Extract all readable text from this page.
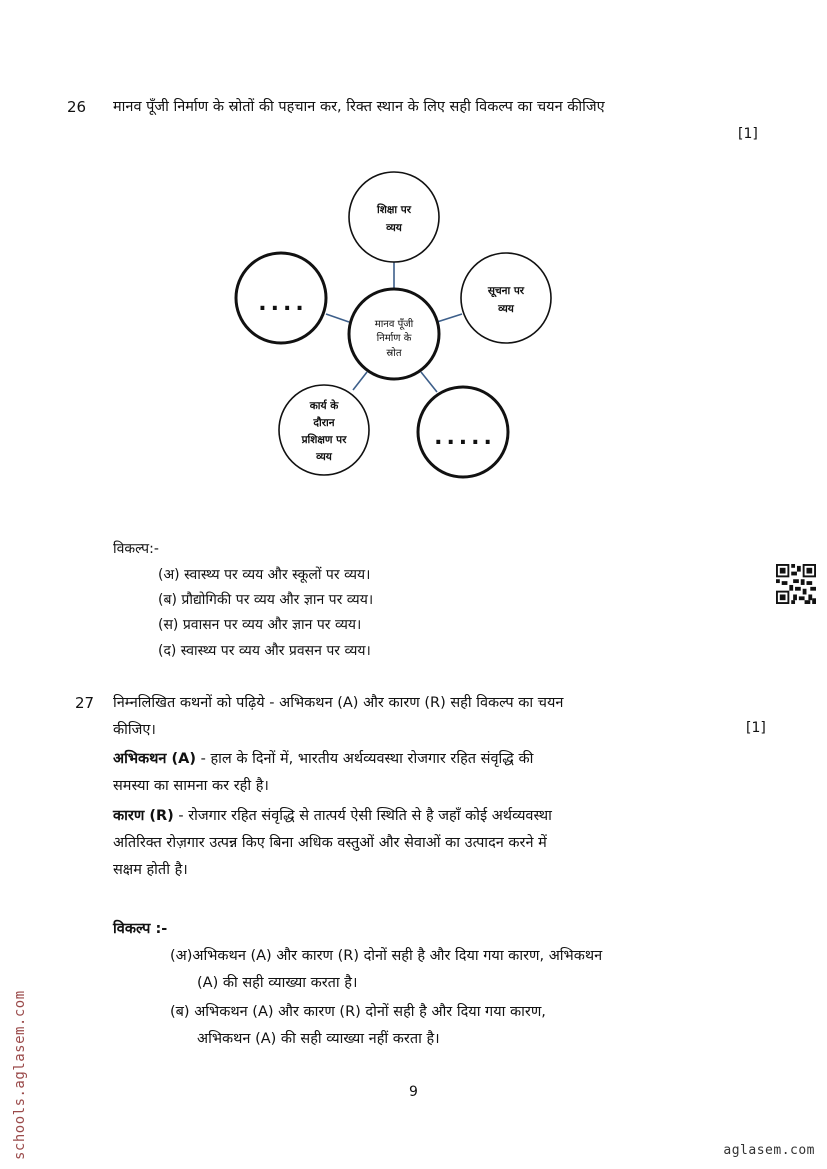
26 मानव पूँजी निर्माण के स्रोतों की पहचान कर, रिक्त स्थान के लिए सही विकल्प का चयन कीजिए
[1]
मानव पूँजी
निर्माण के
स्रोत
शिक्षा पर
व्यय
सूचना पर
व्यय
कार्य के
दौरान
प्रशिक्षण पर
व्यय
....
.....
विकल्प:-
(अ) स्वास्थ्य पर व्यय और स्कूलों पर व्यय।
(ब) प्रौद्योगिकी पर व्यय और ज्ञान पर व्यय।
(स) प्रवासन पर व्यय और ज्ञान पर व्यय।
(द) स्वास्थ्य पर व्यय और प्रवसन पर व्यय।
27 निम्नलिखित कथनों को पढ़िये - अभिकथन (A) और कारण (R) सही विकल्प का चयन
कीजिए।	[1]
अभिकथन (A) - हाल के दिनों में, भारतीय अर्थव्यवस्था रोजगार रहित संवृद्धि की
समस्या का सामना कर रही है।
कारण (R) - रोजगार रहित संवृद्धि से तात्पर्य ऐसी स्थिति से है जहाँ कोई अर्थव्यवस्था
अतिरिक्त रोज़गार उत्पन्न किए बिना अधिक वस्तुओं और सेवाओं का उत्पादन करने में
सक्षम होती है।
विकल्प :-
(अ)अभिकथन (A) और कारण (R) दोनों सही है और दिया गया कारण, अभिकथन
(A) की सही व्याख्या करता है।
(ब) अभिकथन (A) और कारण (R) दोनों सही है और दिया गया कारण,
अभिकथन (A) की सही व्याख्या नहीं करता है।
9
schools.aglasem.com	aglasem.com
